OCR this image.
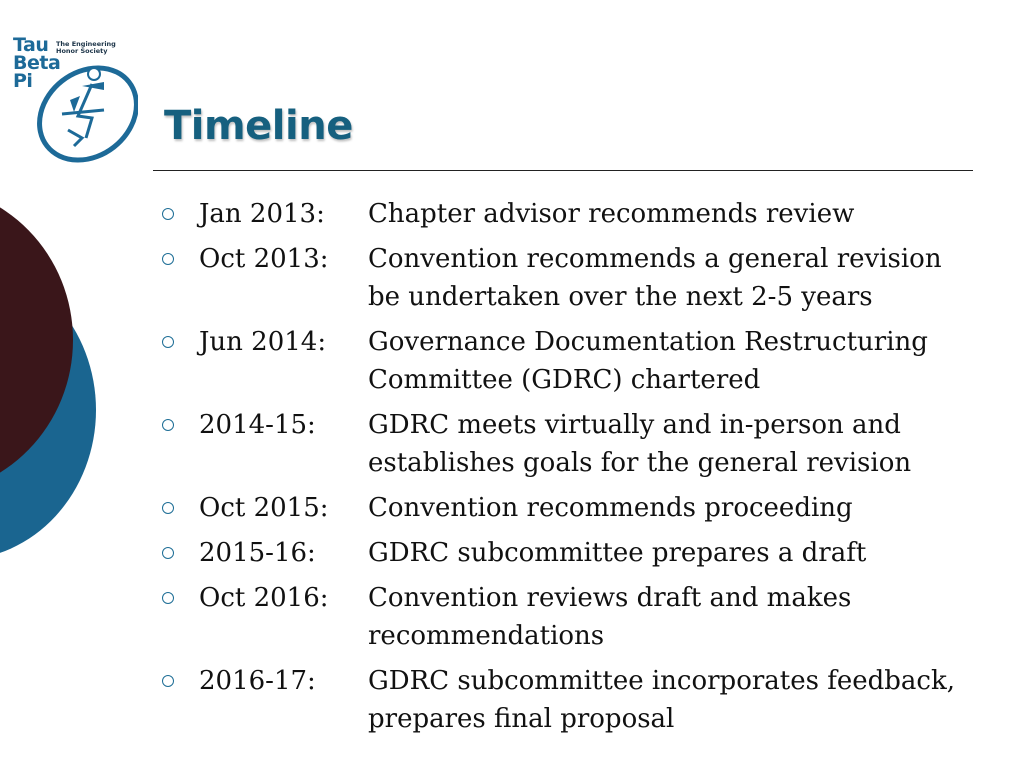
Tau
Beta
Pi
The Engineering
Honor Society
Timeline
Jan 2013:	Chapter advisor recommends review
Oct 2013:	Convention recommends a general revision
be undertaken over the next 2-5 years
Jun 2014:	Governance Documentation Restructuring
Committee (GDRC) chartered
2014-15:	GDRC meets virtually and in-person and
establishes goals for the general revision
Oct 2015:	Convention recommends proceeding
2015-16:	GDRC subcommittee prepares a draft
Oct 2016:	Convention reviews draft and makes
recommendations
2016-17:	GDRC subcommittee incorporates feedback,
prepares final proposal
